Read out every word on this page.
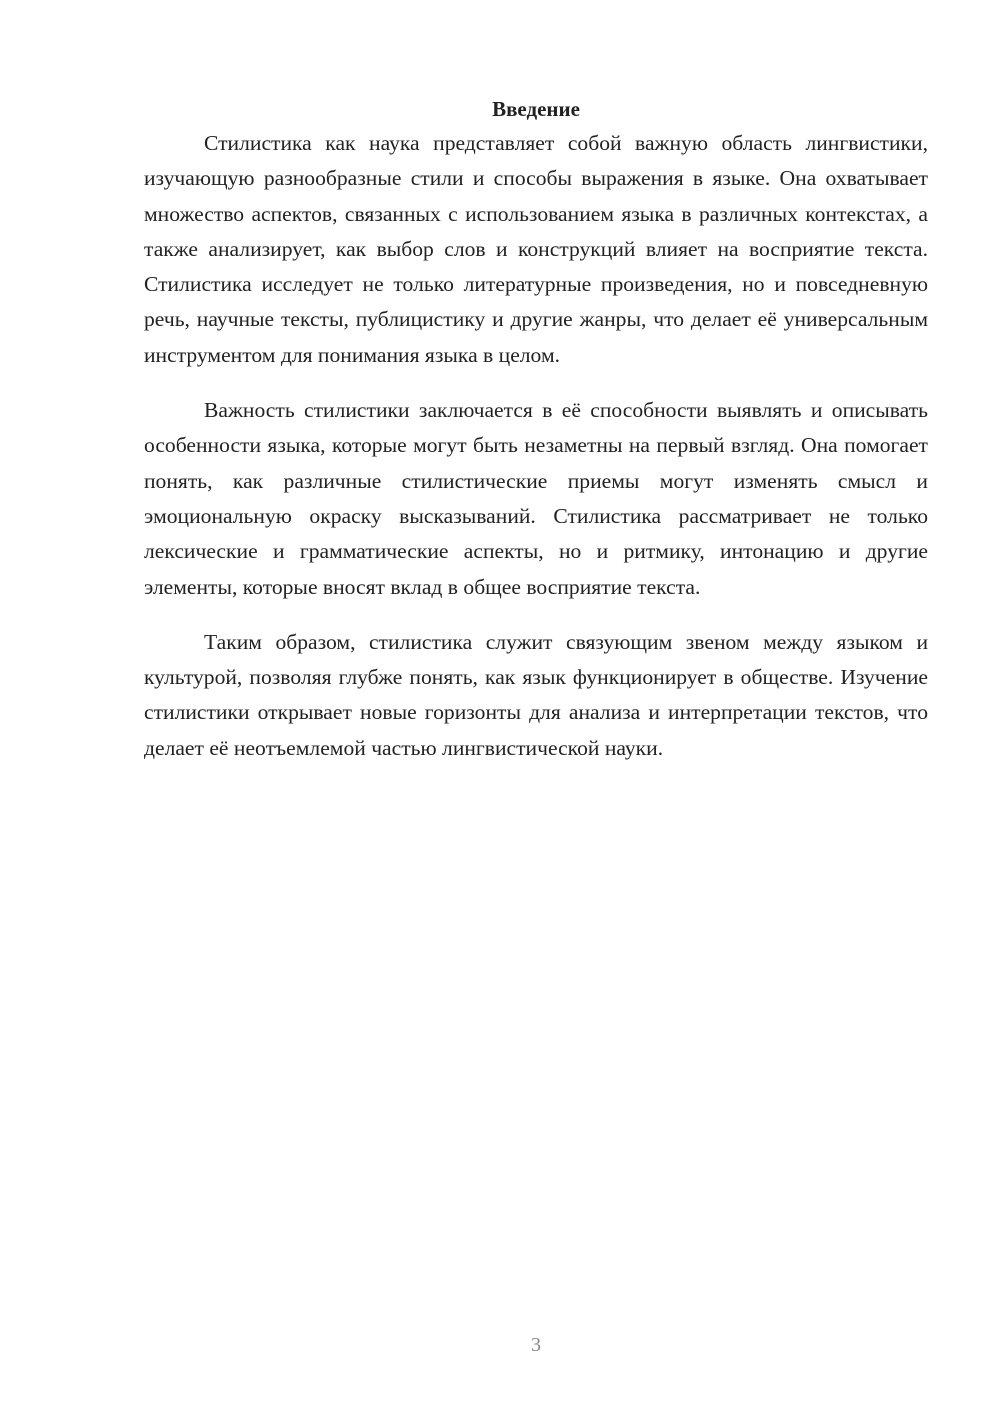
Введение

Стилистика как наука представляет собой важную область лингвистики, изучающую разнообразные стили и способы выражения в языке. Она охватывает множество аспектов, связанных с использованием языка в различных контекстах, а также анализирует, как выбор слов и конструкций влияет на восприятие текста. Стилистика исследует не только литературные произведения, но и повседневную речь, научные тексты, публицистику и другие жанры, что делает её универсальным инструментом для понимания языка в целом.

Важность стилистики заключается в её способности выявлять и описывать особенности языка, которые могут быть незаметны на первый взгляд. Она помогает понять, как различные стилистические приемы могут изменять смысл и эмоциональную окраску высказываний. Стилистика рассматривает не только лексические и грамматические аспекты, но и ритмику, интонацию и другие элементы, которые вносят вклад в общее восприятие текста.

Таким образом, стилистика служит связующим звеном между языком и культурой, позволяя глубже понять, как язык функционирует в обществе. Изучение стилистики открывает новые горизонты для анализа и интерпретации текстов, что делает её неотъемлемой частью лингвистической науки.

3
